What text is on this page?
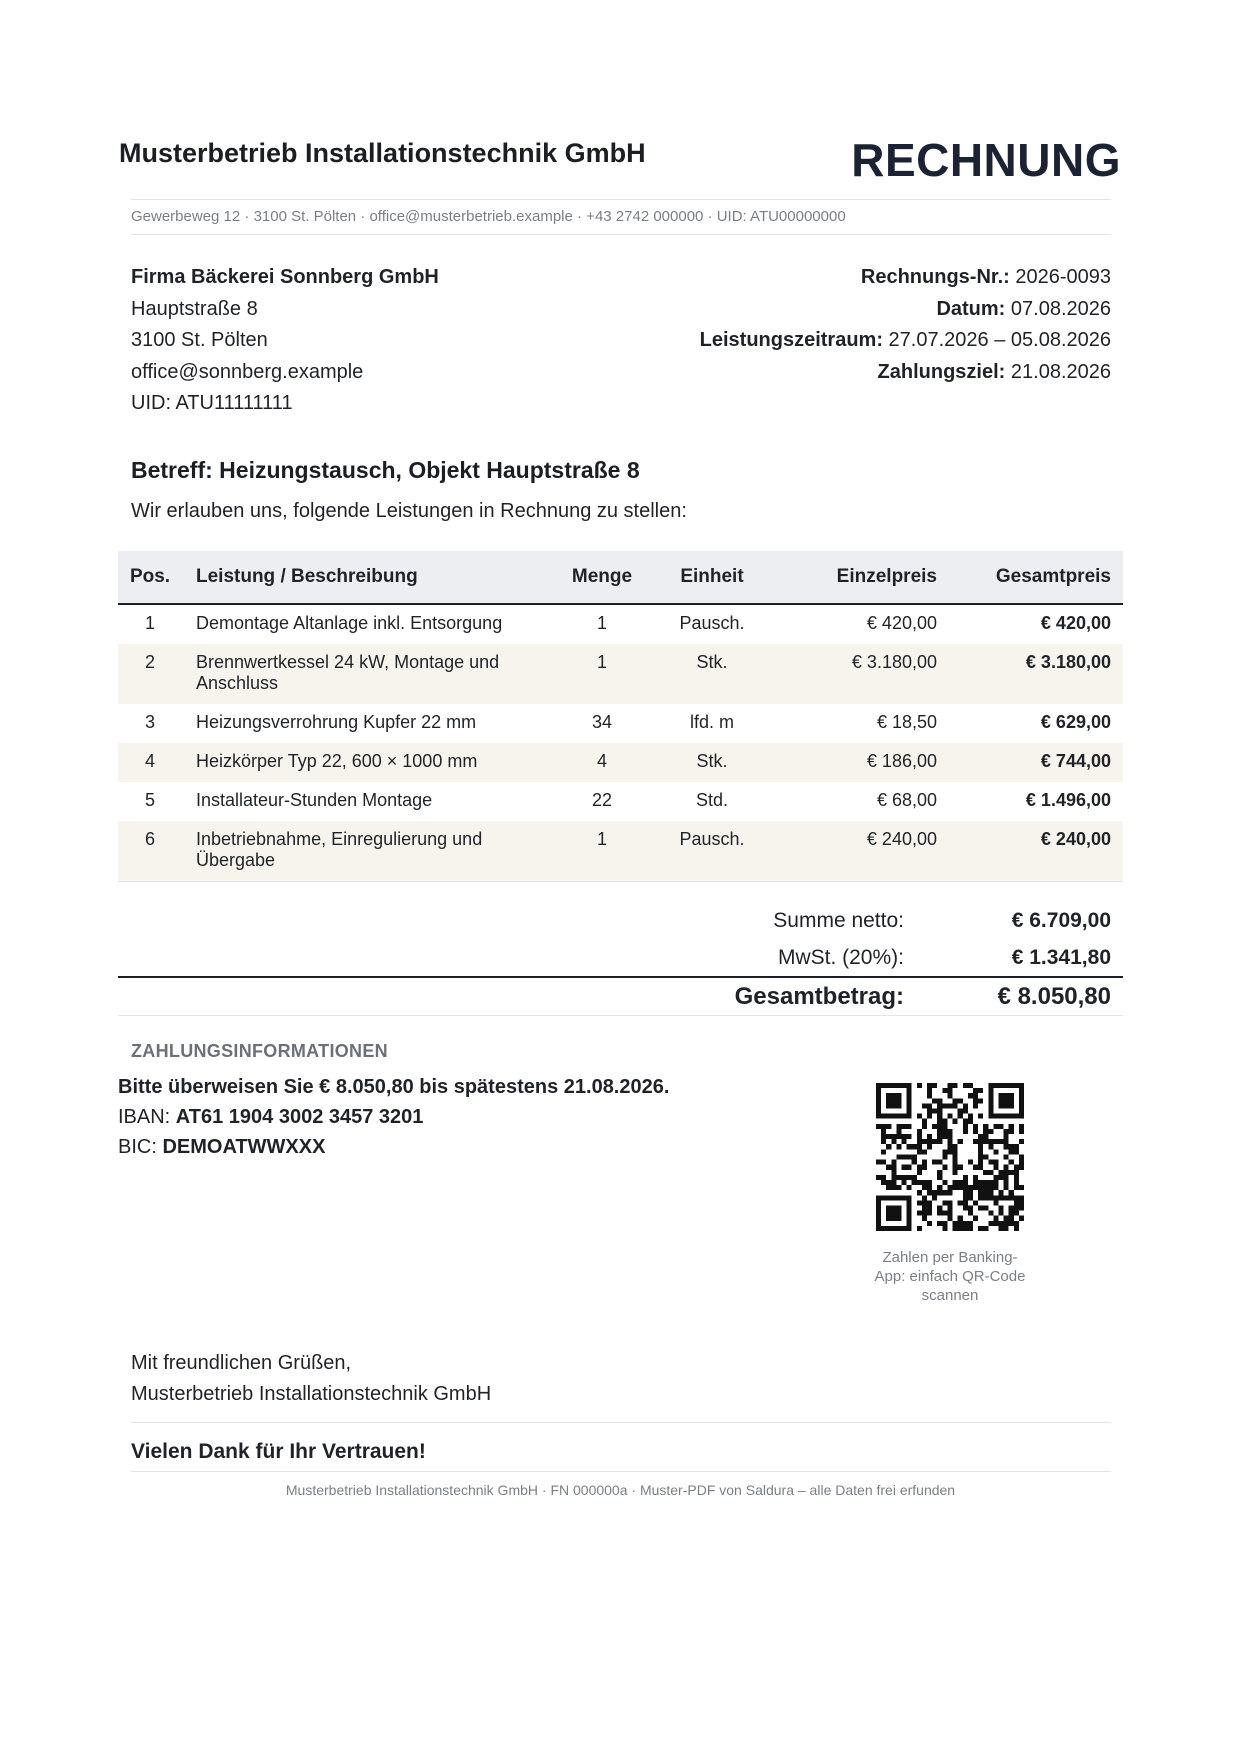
Musterbetrieb Installationstechnik GmbH	RECHNUNG
Gewerbeweg 12 · 3100 St. Pölten · office@musterbetrieb.example · +43 2742 000000 · UID: ATU00000000
Firma Bäckerei Sonnberg GmbH
Hauptstraße 8
3100 St. Pölten
office@sonnberg.example
UID: ATU11111111
Rechnungs-Nr.: 2026-0093
Datum: 07.08.2026
Leistungszeitraum: 27.07.2026 – 05.08.2026
Zahlungsziel: 21.08.2026
Betreff: Heizungstausch, Objekt Hauptstraße 8
Wir erlauben uns, folgende Leistungen in Rechnung zu stellen:
Pos.	Leistung / Beschreibung	Menge	Einheit	Einzelpreis	Gesamtpreis
1	Demontage Altanlage inkl. Entsorgung	1	Pausch.	€ 420,00	€ 420,00
2	Brennwertkessel 24 kW, Montage und Anschluss	1	Stk.	€ 3.180,00	€ 3.180,00
3	Heizungsverrohrung Kupfer 22 mm	34	lfd. m	€ 18,50	€ 629,00
4	Heizkörper Typ 22, 600 × 1000 mm	4	Stk.	€ 186,00	€ 744,00
5	Installateur-Stunden Montage	22	Std.	€ 68,00	€ 1.496,00
6	Inbetriebnahme, Einregulierung und Übergabe	1	Pausch.	€ 240,00	€ 240,00
Summe netto:	€ 6.709,00
MwSt. (20%):	€ 1.341,80
Gesamtbetrag:	€ 8.050,80
ZAHLUNGSINFORMATIONEN
Bitte überweisen Sie € 8.050,80 bis spätestens 21.08.2026.
IBAN: AT61 1904 3002 3457 3201
BIC: DEMOATWWXXX
Zahlen per Banking-App: einfach QR-Code scannen
Mit freundlichen Grüßen,
Musterbetrieb Installationstechnik GmbH
Vielen Dank für Ihr Vertrauen!
Musterbetrieb Installationstechnik GmbH · FN 000000a · Muster-PDF von Saldura – alle Daten frei erfunden
